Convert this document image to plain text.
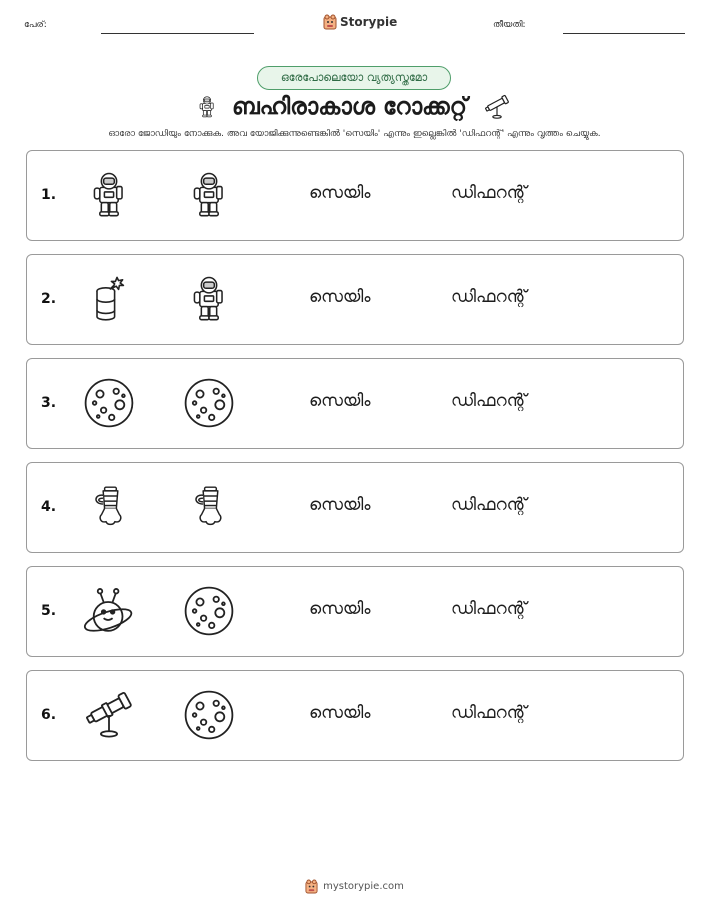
പേര്:	Storypie	തീയതി:
ഒരേപോലെയോ വ്യത്യസ്തമോ
ബഹിരാകാശ റോക്കറ്റ്
ഓരോ ജോഡിയും നോക്കുക. അവ യോജിക്കുന്നുണ്ടെങ്കിൽ 'സെയിം' എന്നും ഇല്ലെങ്കിൽ 'ഡിഫറന്റ്' എന്നും വൃത്തം ചെയ്യുക.
1.	സെയിം	ഡിഫറന്റ്
2.	സെയിം	ഡിഫറന്റ്
3.	സെയിം	ഡിഫറന്റ്
4.	സെയിം	ഡിഫറന്റ്
5.	സെയിം	ഡിഫറന്റ്
6.	സെയിം	ഡിഫറന്റ്
mystorypie.com
